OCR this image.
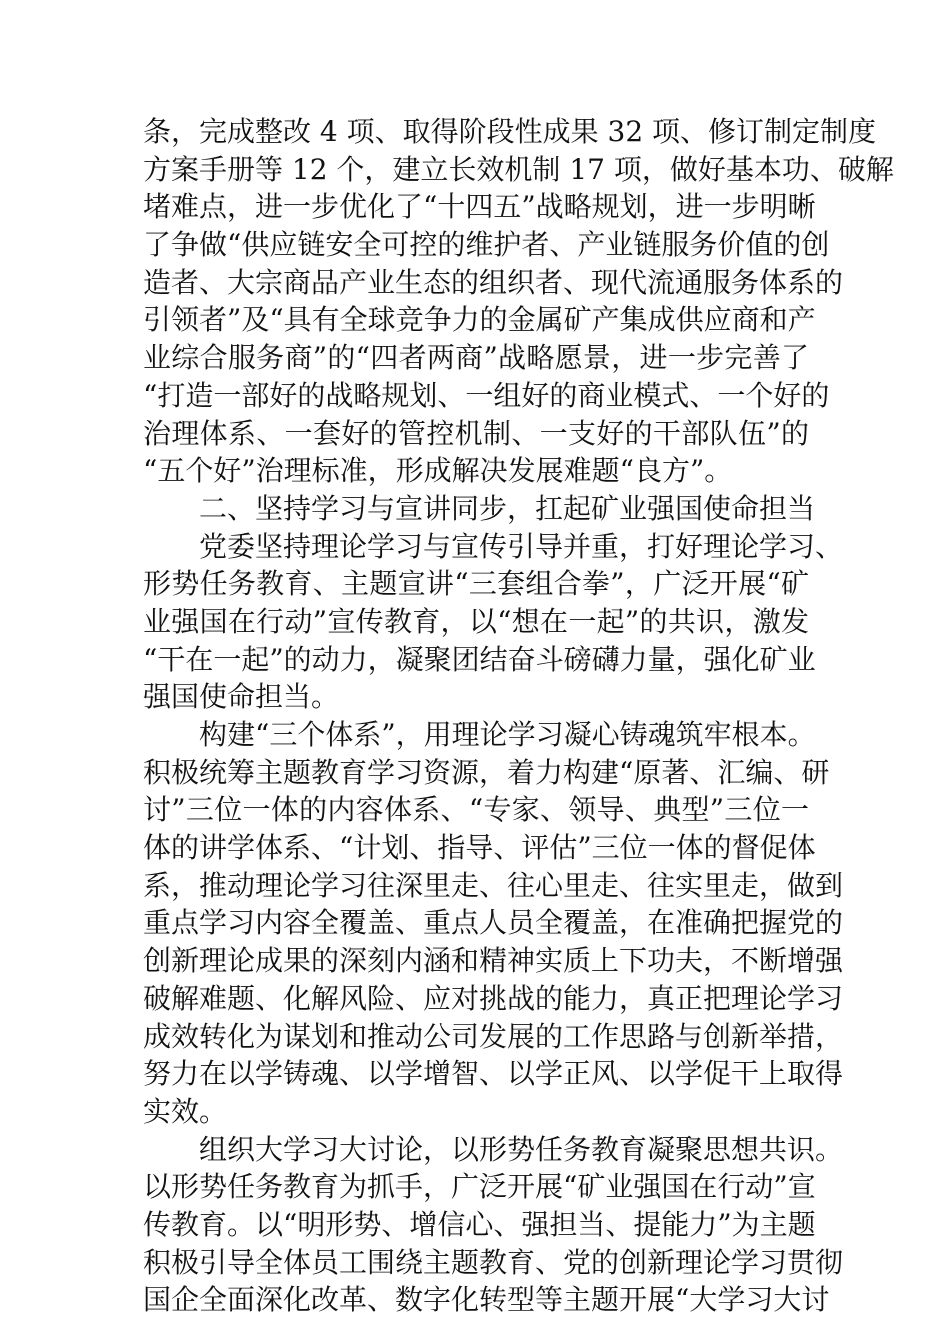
条，完成整改 4 项、取得阶段性成果 32 项、修订制定制度
方案手册等 12 个，建立长效机制 17 项，做好基本功、破解
堵难点，进一步优化了“十四五”战略规划，进一步明晰
了争做“供应链安全可控的维护者、产业链服务价值的创
造者、大宗商品产业生态的组织者、现代流通服务体系的
引领者”及“具有全球竞争力的金属矿产集成供应商和产
业综合服务商”的“四者两商”战略愿景，进一步完善了
“打造一部好的战略规划、一组好的商业模式、一个好的
治理体系、一套好的管控机制、一支好的干部队伍”的
“五个好”治理标准，形成解决发展难题“良方”。
二、坚持学习与宣讲同步，扛起矿业强国使命担当
党委坚持理论学习与宣传引导并重，打好理论学习、
形势任务教育、主题宣讲“三套组合拳”，广泛开展“矿
业强国在行动”宣传教育，以“想在一起”的共识，激发
“干在一起”的动力，凝聚团结奋斗磅礴力量，强化矿业
强国使命担当。
构建“三个体系”，用理论学习凝心铸魂筑牢根本。
积极统筹主题教育学习资源，着力构建“原著、汇编、研
讨”三位一体的内容体系、“专家、领导、典型”三位一
体的讲学体系、“计划、指导、评估”三位一体的督促体
系，推动理论学习往深里走、往心里走、往实里走，做到
重点学习内容全覆盖、重点人员全覆盖，在准确把握党的
创新理论成果的深刻内涵和精神实质上下功夫，不断增强
破解难题、化解风险、应对挑战的能力，真正把理论学习
成效转化为谋划和推动公司发展的工作思路与创新举措，
努力在以学铸魂、以学增智、以学正风、以学促干上取得
实效。
组织大学习大讨论，以形势任务教育凝聚思想共识。
以形势任务教育为抓手，广泛开展“矿业强国在行动”宣
传教育。以“明形势、增信心、强担当、提能力”为主题
积极引导全体员工围绕主题教育、党的创新理论学习贯彻
国企全面深化改革、数字化转型等主题开展“大学习大讨
